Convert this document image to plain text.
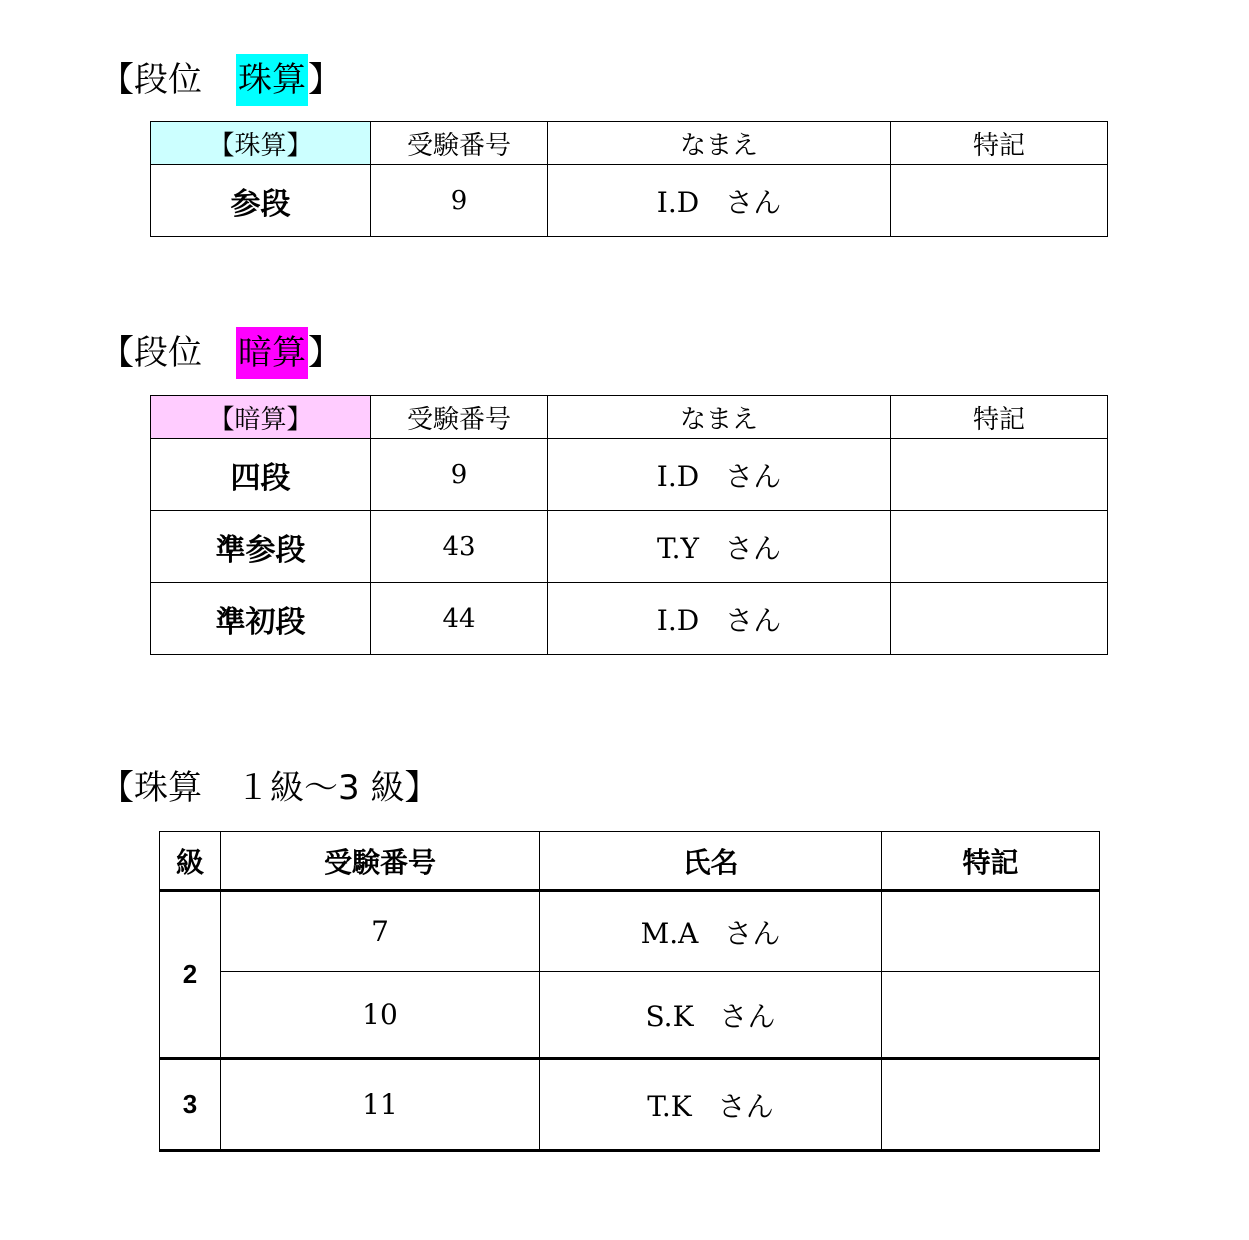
【段位　珠算】
【珠算】	受験番号	なまえ	特記
参段	9	I.D さん	
【段位　暗算】
【暗算】	受験番号	なまえ	特記
四段	9	I.D さん	
準参段	43	T.Y さん	
準初段	44	I.D さん	
【珠算　１級～3 級】
級	受験番号	氏名	特記
2	7	M.A さん	
	10	S.K さん	
3	11	T.K さん	
